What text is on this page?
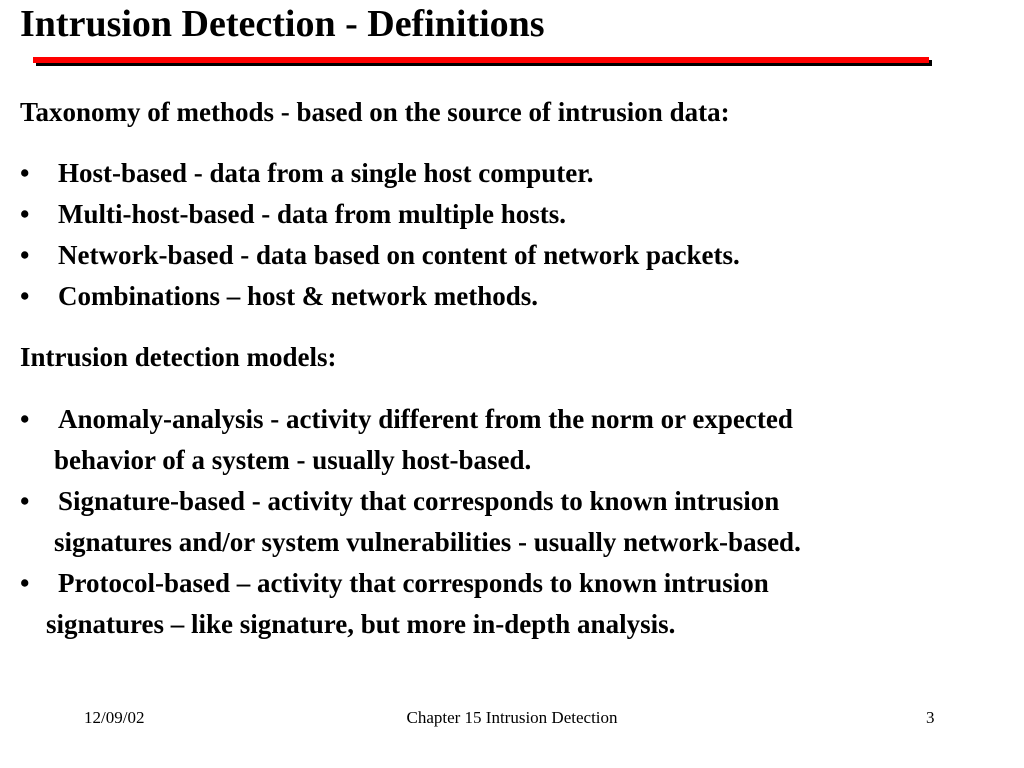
Intrusion Detection - Definitions

Taxonomy of methods - based on the source of intrusion data:

•	Host-based - data from a single host computer.
•	Multi-host-based - data from multiple hosts.
•	Network-based - data based on content of network packets.
•	Combinations – host & network methods.

Intrusion detection models:

•	Anomaly-analysis - activity different from the norm or expected
behavior of a system - usually host-based.
•	Signature-based - activity that corresponds to known intrusion
signatures and/or system vulnerabilities - usually network-based.
•	Protocol-based – activity that corresponds to known intrusion
signatures – like signature, but more in-depth analysis.
12/09/02	Chapter 15 Intrusion Detection	3
